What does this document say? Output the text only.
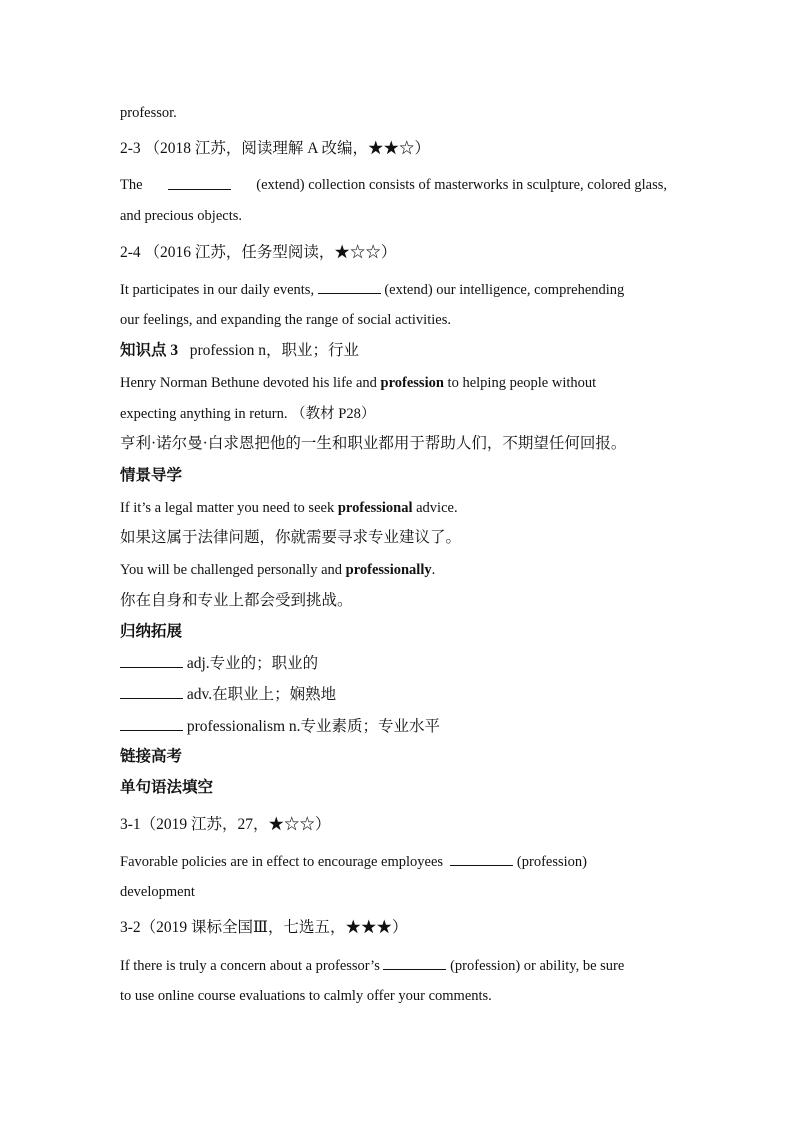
professor.
2-3 （2018 江苏，阅读理解 A 改编，★★☆）
The	(extend) collection consists of masterworks in sculpture, colored glass,
and precious objects.
2-4 （2016 江苏，任务型阅读，★☆☆）
It participates in our daily events,	(extend) our intelligence, comprehending
our feelings, and expanding the range of social activities.
知识点 3 profession n，职业；行业
Henry Norman Bethune devoted his life and profession to helping people without
expecting anything in return. （教材 P28）
亨利·诺尔曼·白求恩把他的一生和职业都用于帮助人们，不期望任何回报。
情景导学
If it’s a legal matter you need to seek professional advice.
如果这属于法律问题，你就需要寻求专业建议了。
You will be challenged personally and professionally.
你在自身和专业上都会受到挑战。
归纳拓展
adj.专业的；职业的
adv.在职业上；娴熟地
professionalism n.专业素质；专业水平
链接高考
单句语法填空
3-1（2019 江苏，27，★☆☆）
Favorable policies are in effect to encourage employees	(profession)
development
3-2（2019 课标全国Ⅲ，七选五，★★★）
If there is truly a concern about a professor’s	(profession) or ability, be sure
to use online course evaluations to calmly offer your comments.
